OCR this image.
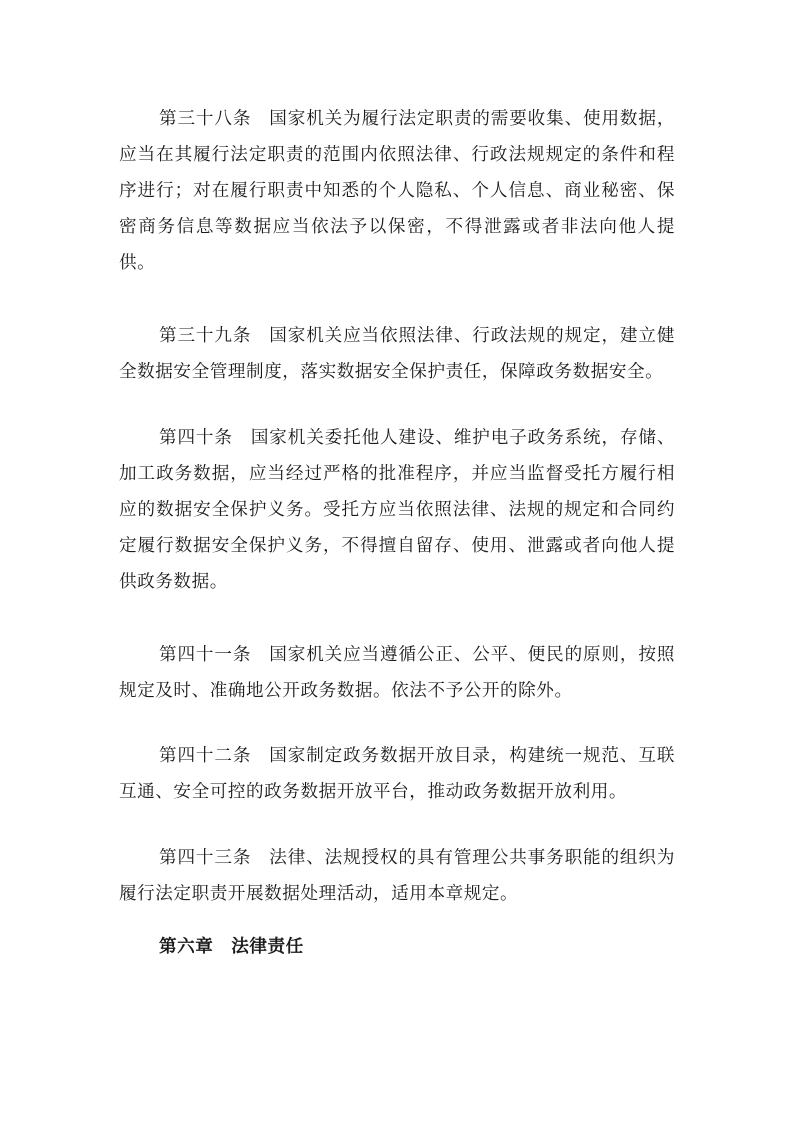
第三十八条 国家机关为履行法定职责的需要收集、使用数据，应当在其履行法定职责的范围内依照法律、行政法规规定的条件和程序进行；对在履行职责中知悉的个人隐私、个人信息、商业秘密、保密商务信息等数据应当依法予以保密，不得泄露或者非法向他人提供。

第三十九条 国家机关应当依照法律、行政法规的规定，建立健全数据安全管理制度，落实数据安全保护责任，保障政务数据安全。

第四十条 国家机关委托他人建设、维护电子政务系统，存储、加工政务数据，应当经过严格的批准程序，并应当监督受托方履行相应的数据安全保护义务。受托方应当依照法律、法规的规定和合同约定履行数据安全保护义务，不得擅自留存、使用、泄露或者向他人提供政务数据。

第四十一条 国家机关应当遵循公正、公平、便民的原则，按照规定及时、准确地公开政务数据。依法不予公开的除外。

第四十二条 国家制定政务数据开放目录，构建统一规范、互联互通、安全可控的政务数据开放平台，推动政务数据开放利用。

第四十三条 法律、法规授权的具有管理公共事务职能的组织为履行法定职责开展数据处理活动，适用本章规定。

第六章 法律责任
